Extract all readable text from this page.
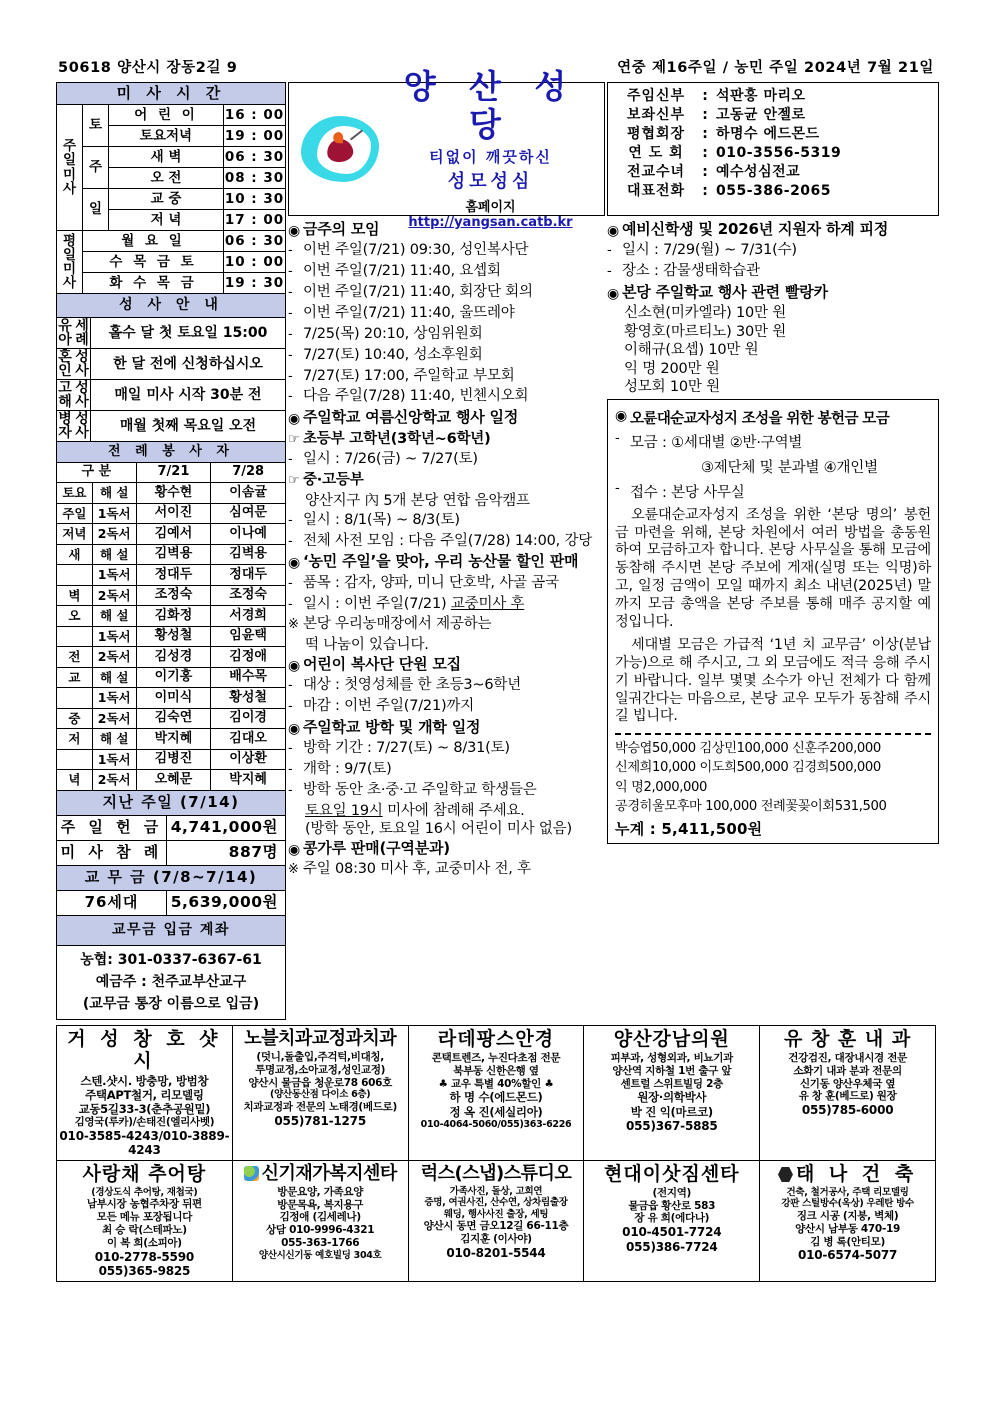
50618 양산시 장동2길 9	연중 제16주일 / 농민 주일 2024년 7월 21일
미 사 시 간			

주
일
미
사	토	어 린 이	16 : 00
		토요저녁	19 : 00
	주	새 벽	06 : 30
		오 전	08 : 30
	일	교 중	10 : 30
		저 녁	17 : 00

평
일
미
사	월 요 일		06 : 30
	수 목 금 토		10 : 00
	화 수 목 금		19 : 30
성 사 안 내	

유아
세례	홀수 달 첫 토요일 15:00

혼인
성사	한 달 전에 신청하십시오

고해
성사	매일 미사 시작 30분 전

병자
성사	매월 첫째 목요일 오전
전 례 봉 사 자			
구 분		7/21	7/28
토요	해 설	황수현	이솜귤
주일	1독서	서이진	심여문
저녁	2독서	김예서	이나예
새	해 설	김벽용	김벽용
	1독서	정대두	정대두
벽	2독서	조정숙	조정숙
오	해 설	김화정	서경희
	1독서	황성철	임윤택
전	2독서	김성경	김정애
교	해 설	이기홍	배수목
	1독서	이미식	황성철
중	2독서	김숙연	김이경
저	해 설	박지혜	김대오
	1독서	김병진	이상환
녁	2독서	오혜문	박지혜
지난 주일 (7/14)	
주 일 헌 금	4,741,000원
미 사 참 례	887명
교 무 금 (7/8~7/14)
76세대	5,639,000원
교무금 입금 계좌

농협: 301-0337-6367-61
예금주 : 천주교부산교구
(교무금 통장 이름으로 입금)
양 산 성 당
티없이 깨끗하신
성모성심
홈페이지 http://yangsan.catb.kr
◉ 금주의 모임
- 이번 주일(7/21) 09:30, 성인복사단
- 이번 주일(7/21) 11:40, 요셉회
- 이번 주일(7/21) 11:40, 회장단 회의
- 이번 주일(7/21) 11:40, 울뜨레야
- 7/25(목) 20:10, 상임위원회
- 7/27(토) 10:40, 성소후원회
- 7/27(토) 17:00, 주일학교 부모회
- 다음 주일(7/28) 11:40, 빈첸시오회
◉ 주일학교 여름신앙학교 행사 일정
☞ 초등부 고학년(3학년~6학년)
- 일시 : 7/26(금) ~ 7/27(토)
☞ 중·고등부
양산지구 內 5개 본당 연합 음악캠프
- 일시 : 8/1(목) ~ 8/3(토)
- 전체 사전 모임 : 다음 주일(7/28) 14:00, 강당
◉ ‘농민 주일’을 맞아, 우리 농산물 할인 판매
- 품목 : 감자, 양파, 미니 단호박, 사골 곰국
- 일시 : 이번 주일(7/21) 교중미사 후
※ 본당 우리농매장에서 제공하는
떡 나눔이 있습니다.
◉ 어린이 복사단 단원 모집
- 대상 : 첫영성체를 한 초등3~6학년
- 마감 : 이번 주일(7/21)까지
◉ 주일학교 방학 및 개학 일정
- 방학 기간 : 7/27(토) ~ 8/31(토)
- 개학 : 9/7(토)
- 방학 동안 초·중·고 주일학교 학생들은
토요일 19시 미사에 참례해 주세요.
(방학 동안, 토요일 16시 어린이 미사 없음)
◉ 콩가루 판매(구역분과)
※ 주일 08:30 미사 후, 교중미사 전, 후
주임신부	:	석판홍 마리오
보좌신부	:	고동균 안젤로
평협회장	:	하명수 에드몬드
연 도 회	:	010-3556-5319
전교수녀	:	예수성심전교
대표전화	:	055-386-2065
◉ 예비신학생 및 2026년 지원자 하계 피정
- 일시 : 7/29(월) ~ 7/31(수)
- 장소 : 감물생태학습관
◉ 본당 주일학교 행사 관련 빨랑카
신소현(미카엘라) 10만 원
황영호(마르티노) 30만 원
이해규(요셉) 10만 원
익 명 200만 원
성모회 10만 원
◉ 오륜대순교자성지 조성을 위한 봉헌금 모금
- 모금 : ①세대별 ②반·구역별
③제단체 및 분과별 ④개인별
- 접수 : 본당 사무실
오륜대순교자성지 조성을 위한 ‘본당 명의’ 봉헌금 마련을 위해, 본당 차원에서 여러 방법을 총동원하여 모금하고자 합니다. 본당 사무실을 통해 모금에 동참해 주시면 본당 주보에 게재(실명 또는 익명)하고, 일정 금액이 모일 때까지 최소 내년(2025년) 말까지 모금 총액을 본당 주보를 통해 매주 공지할 예정입니다.
세대별 모금은 가급적 ‘1년 치 교무금’ 이상(분납 가능)으로 해 주시고, 그 외 모금에도 적극 응해 주시기 바랍니다. 일부 몇몇 소수가 아닌 전체가 다 함께 일궈간다는 마음으로, 본당 교우 모두가 동참해 주시길 빕니다.
박승엽50,000 김상민100,000 신훈주200,000
신제희10,000 이도희500,000 김경희500,000
익 명2,000,000
공경히울모후마 100,000 전례꽃꽂이회531,500
누계 : 5,411,500원
거 성 창 호 샷 시
스텐.샷시. 방충망, 방범창
주택APT철거, 리모델링
교동5길33-3(춘추공원밑)
김영국(루카)/손태진(엘리사벳)
010-3585-4243/010-3889-4243

노블치과교정과치과
(덧니,돌출입,주걱턱,비대칭,
투명교정,소아교정,성인교정)
양산시 물금읍 청운로78 606호
(양산동산점 다이소 6층)
치과교정과 전문의 노태경(베드로)
055)781-1275

라데팡스안경
콘택트렌즈, 누진다초점 전문
북부동 신한은행 옆
♣ 교우 특별 40%할인 ♣
하 명 수(에드몬드)
정 옥 진(세실리아)
010-4064-5060/055)363-6226

양산강남의원
피부과, 성형외과, 비뇨기과
양산역 지하철 1번 출구 앞
센트럴 스위트빌딩 2층
원장·의학박사
박 진 익(마르코)
055)367-5885

유 창 훈 내 과
건강검진, 대장내시경 전문
소화기 내과 분과 전문의
신기동 양산우체국 옆
유 창 훈(베드로) 원장
055)785-6000

사랑채 추어탕
(경상도식 추어탕, 재첩국)
남부시장 농협주차장 뒤편
모든 메뉴 포장됩니다
최 승 락(스테파노)
이 복 희(소피아)
010-2778-5590
055)365-9825

신기재가복지센타
방문요양, 가족요양
방문목욕, 복지용구
김정애 (김세레나)
상담 010-9996-4321
055-363-1766
양산시신기동 예호빌딩 304호

럭스(스냅)스튜디오
가족사진, 돌상, 고희연
증명, 여권사진, 산수연, 상차림출장
웨딩, 행사사진 출장, 세팅
양산시 동면 금오12길 66-11층
김지훈 (이사야)
010-8201-5544

현대이삿짐센타
(전지역)
물금읍 황산로 583
장 유 희(에다나)
010-4501-7724
055)386-7724

태 나 건 축
건축, 철거공사, 주택 리모델링
강판 스틸방수(옥상) 우레탄 방수
징크 시공 (지붕, 벽체)
양산시 남부동 470-19
김 병 록(안티모)
010-6574-5077
